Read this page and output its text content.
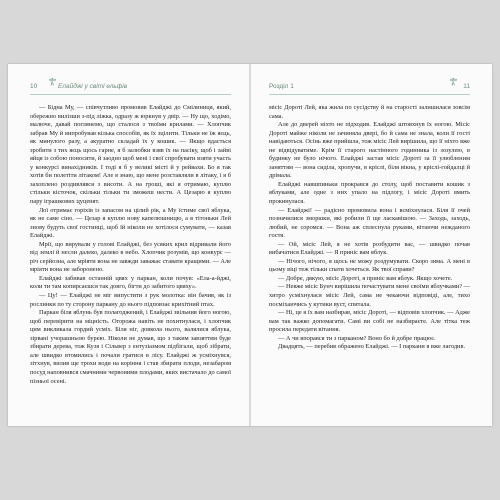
10	Елайджі у світі ельфів

— Бідна Му, — співчутливо промовив Елайджі до Смілиниця, який, обережно вилізши з-під ліжка, одразу ж юркнув у двір. — Ну що, ходімо, малюче, давай поглянемо, що сталося з твоїми крилами. — Хлопчик забрав Му й випробував кілька способів, як їх зцілити. Тільки не їж яєць, як минулого разу, а акуратно складай їх у кошик. — Якщо вдасться зробити з тих яєць щось гарне, я б залюбки взяв їх на пасіку, щоб і зайві яйця із собою поносити, й заодно щоб мені і свої спробувати взяти участь у конкурсі винахідників. І тоді я б у великі місті й у рейвахи. Бо я так хотів би полетіти літаком! Але я знаю, що мене розставляли в літаку, і я б захоплено роздивлявся з висоти. А на гроші, які я отримаю, куплю стільки кісточок, скільки тільки ти зможеш нести. А Цезарю я куплю пару іграшкових цуценят.

Лої отримає горіхів із запасом на цілий рік, а Му їстиме свої яблука, як не саме сіно. — Цезар я куплю нову капелюшницю, а в тітоньки Лей знову будуть свої гостинці, щоб їй ніколи не хотілося сумувати, — казав Елайджі.

Мрії, що вирували у голові Елайджі, без усяких крил відривали його від землі й несли далеко, далеко в небо. Хлопчик розумів, що конкурс — річ серйозна, але мріяти вона не завжди заважає ставати кращими. — Але мріяти вона не заборонено.

Елайджі забивав останній цвях у паркан, коли почув: «Ела-а-йджі, коли ти там копирсаєшся так довго, бігти до забитого цвяху».

— Цу! — Елайджі не міг випустити з рук молотка: він бачив, як із рослинки по ту сторону паркану до нього підповзає крихітний птах.

Паркан біля яблунь був полагоджений, і Елайджі звільнив його ногою, щоб перевірити на міцність. Огорожа навіть не похитнулася, і хлопчик цим викликала гордий усміх. Біля ніг, довкола нього, валялися яблука, зірвані учорашньою бурею. Ніколи не думав, що з таким завзяттям буде збирати дерева, тож Кузя і Сільвер з ентузіазмом підбігали, щоб зібрати, але швидко втомились і почали гратися в лісу. Елайджі ж усміхнувся, зітхнув, вилив ще трохи води на коріння і став збирати плоди, незабаром посуд наповнився смачними червоними плодами, яких вистачало до самої пізньої осені.

Розділ 1	11

місіс Дороті Лей, яка жила по сусідству й на старості залишилася зовсім сама.

Але до дверей ніхто не підходив. Елайджі штовхнув їх ногою. Місіс Дороті майже ніколи не зачиняла двері, бо й сама не знала, коли її гості навідаються. Осінь вже прийшла, тож місіс Лей вирішила, що її ніхто вже не відвідуватиме. Крім її старого настінного годинника із зозулею, в будинку не було нічого. Елайджі застав місіс Дороті за її улюбленим заняттям — вона сиділа, хропучи, в кріслі, біля вікна, у кріслі-гойдалці й дрімала.

Елайджі навшпиньки прокрався до столу, щоб поставити кошик з яблуками, але одне з них упало на підлогу, і місіс Дороті вмить прокинулася.

— Елайджі! — радісно промовила вона і всміхнулася. Біля її очей позначилися зморшки, які робили її ще ласкавішою. — Заходь, заходь, любий, не соромся. — Вона аж сплеснула руками, вітаючи нежданого гостя.

— Ой, місіс Лей, я не хотів розбудити вас, — швидко почав вибачатися Елайджі. — Я приніс вам яблук.

— Нічого, нічого, я щось не можу роздумувати. Скоро зима. А мені в цьому віці теж тільки спати хочеться. Як твої справи?

— Добре, дякую, місіс Дороті, я приніс вам яблук. Якщо хочете.

— Невже місіс Бунч вирішила почастувати мене своїми яблучками? — хитро усміхнулася місіс Лей, сама не чекаючи відповіді, але, тихо посміхаючись у кутики вуст, спитала.

— Ні, це я їх вам назбирав, місіс Дороті, — відповів хлопчик. — Адже вам так важко допомагати. Самі ви собі не назбираєте. Але тітка теж просила передати вітання.

— А чи впорався ти з парканом? Воно бо й добре працює.

Двадцять, — перебив ображено Елайджі. — І паркани я вже лагодив.
